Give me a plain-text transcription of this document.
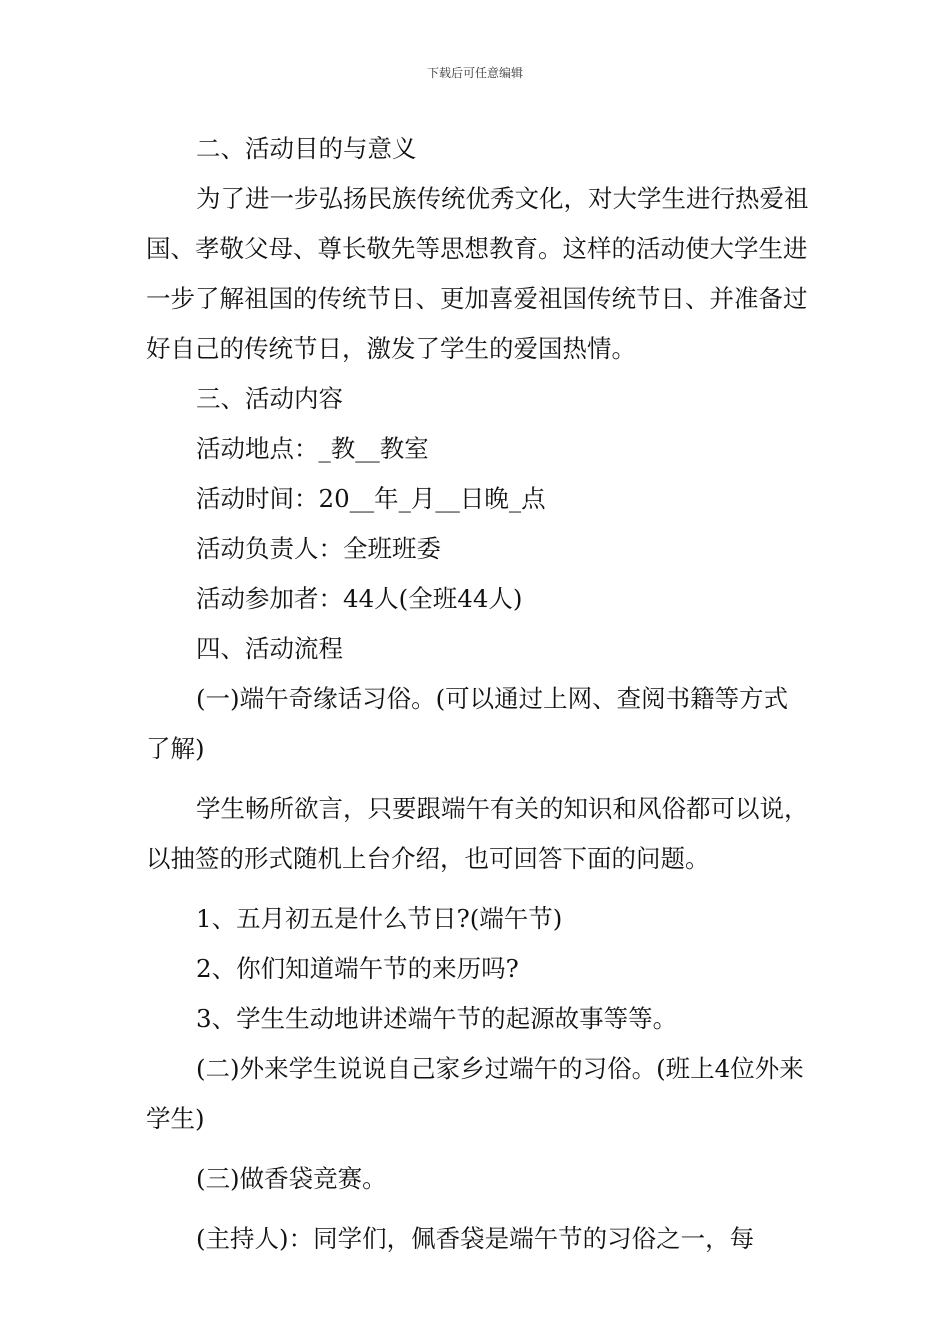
下载后可任意编辑

二、活动目的与意义

为了进一步弘扬民族传统优秀文化，对大学生进行热爱祖国、孝敬父母、尊长敬先等思想教育。这样的活动使大学生进一步了解祖国的传统节日、更加喜爱祖国传统节日、并准备过好自己的传统节日，激发了学生的爱国热情。

三、活动内容

活动地点：_教__教室

活动时间：20__年_月__日晚_点

活动负责人：全班班委

活动参加者：44人(全班44人)

四、活动流程

(一)端午奇缘话习俗。(可以通过上网、查阅书籍等方式了解)

学生畅所欲言，只要跟端午有关的知识和风俗都可以说，以抽签的形式随机上台介绍，也可回答下面的问题。

1、五月初五是什么节日?(端午节)

2、你们知道端午节的来历吗?

3、学生生动地讲述端午节的起源故事等等。

(二)外来学生说说自己家乡过端午的习俗。(班上4位外来学生)

(三)做香袋竞赛。

(主持人)：同学们，佩香袋是端午节的习俗之一，每
